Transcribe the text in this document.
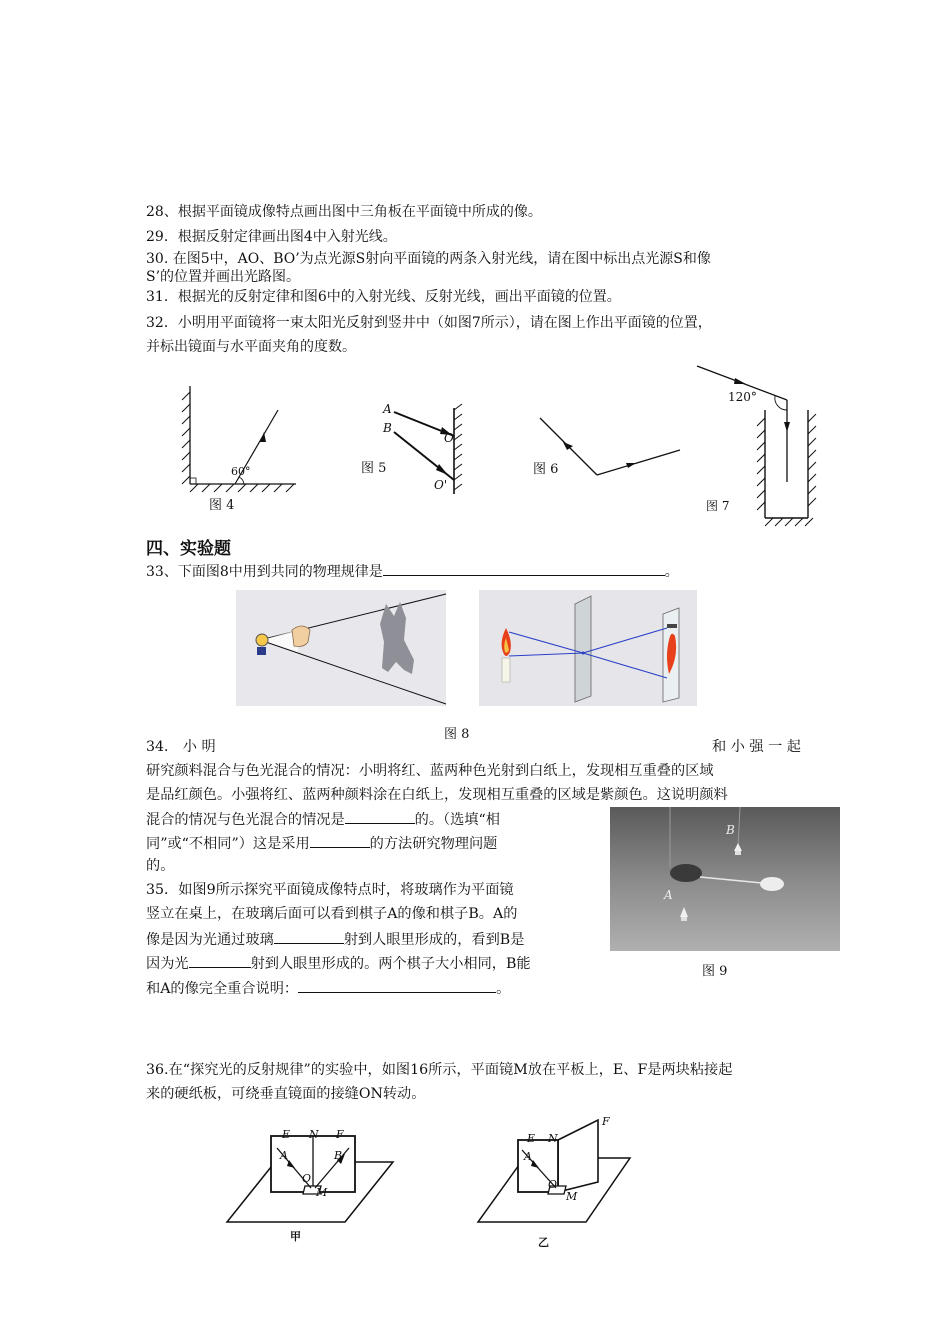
28、根据平面镜成像特点画出图中三角板在平面镜中所成的像。
29．根据反射定律画出图4中入射光线。
30. 在图5中，AO、BO’为点光源S射向平面镜的两条入射光线，请在图中标出点光源S和像
S’的位置并画出光路图。
31．根据光的反射定律和图6中的入射光线、反射光线，画出平面镜的位置。
32．小明用平面镜将一束太阳光反射到竖井中（如图7所示），请在图上作出平面镜的位置，
并标出镜面与水平面夹角的度数。
60°
图 4
A
B
O
O'
图 5	图 6
120°
图 7
四、实验题
33、下面图8中用到共同的物理规律是	。
图 8
34． 小 明	和 小 强 一 起
研究颜料混合与色光混合的情况：小明将红、蓝两种色光射到白纸上，发现相互重叠的区域
是品红颜色。小强将红、蓝两种颜料涂在白纸上，发现相互重叠的区域是紫颜色。这说明颜料
混合的情况与色光混合的情况是	的。（选填“相
同”或“不相同”）这是采用	的方法研究物理问题
的。
35．如图9所示探究平面镜成像特点时，将玻璃作为平面镜
竖立在桌上，在玻璃后面可以看到棋子A的像和棋子B。A的
像是因为光通过玻璃	射到人眼里形成的，看到B是
因为光	射到人眼里形成的。两个棋子大小相同，B能
和A的像完全重合说明：	。
B
A
图 9
36.在“探究光的反射规律”的实验中，如图16所示，平面镜M放在平板上，E、F是两块粘接起
来的硬纸板，可绕垂直镜面的接缝ON转动。
E N F
A	B
O
M
甲
E N
F
A
O
M
乙
